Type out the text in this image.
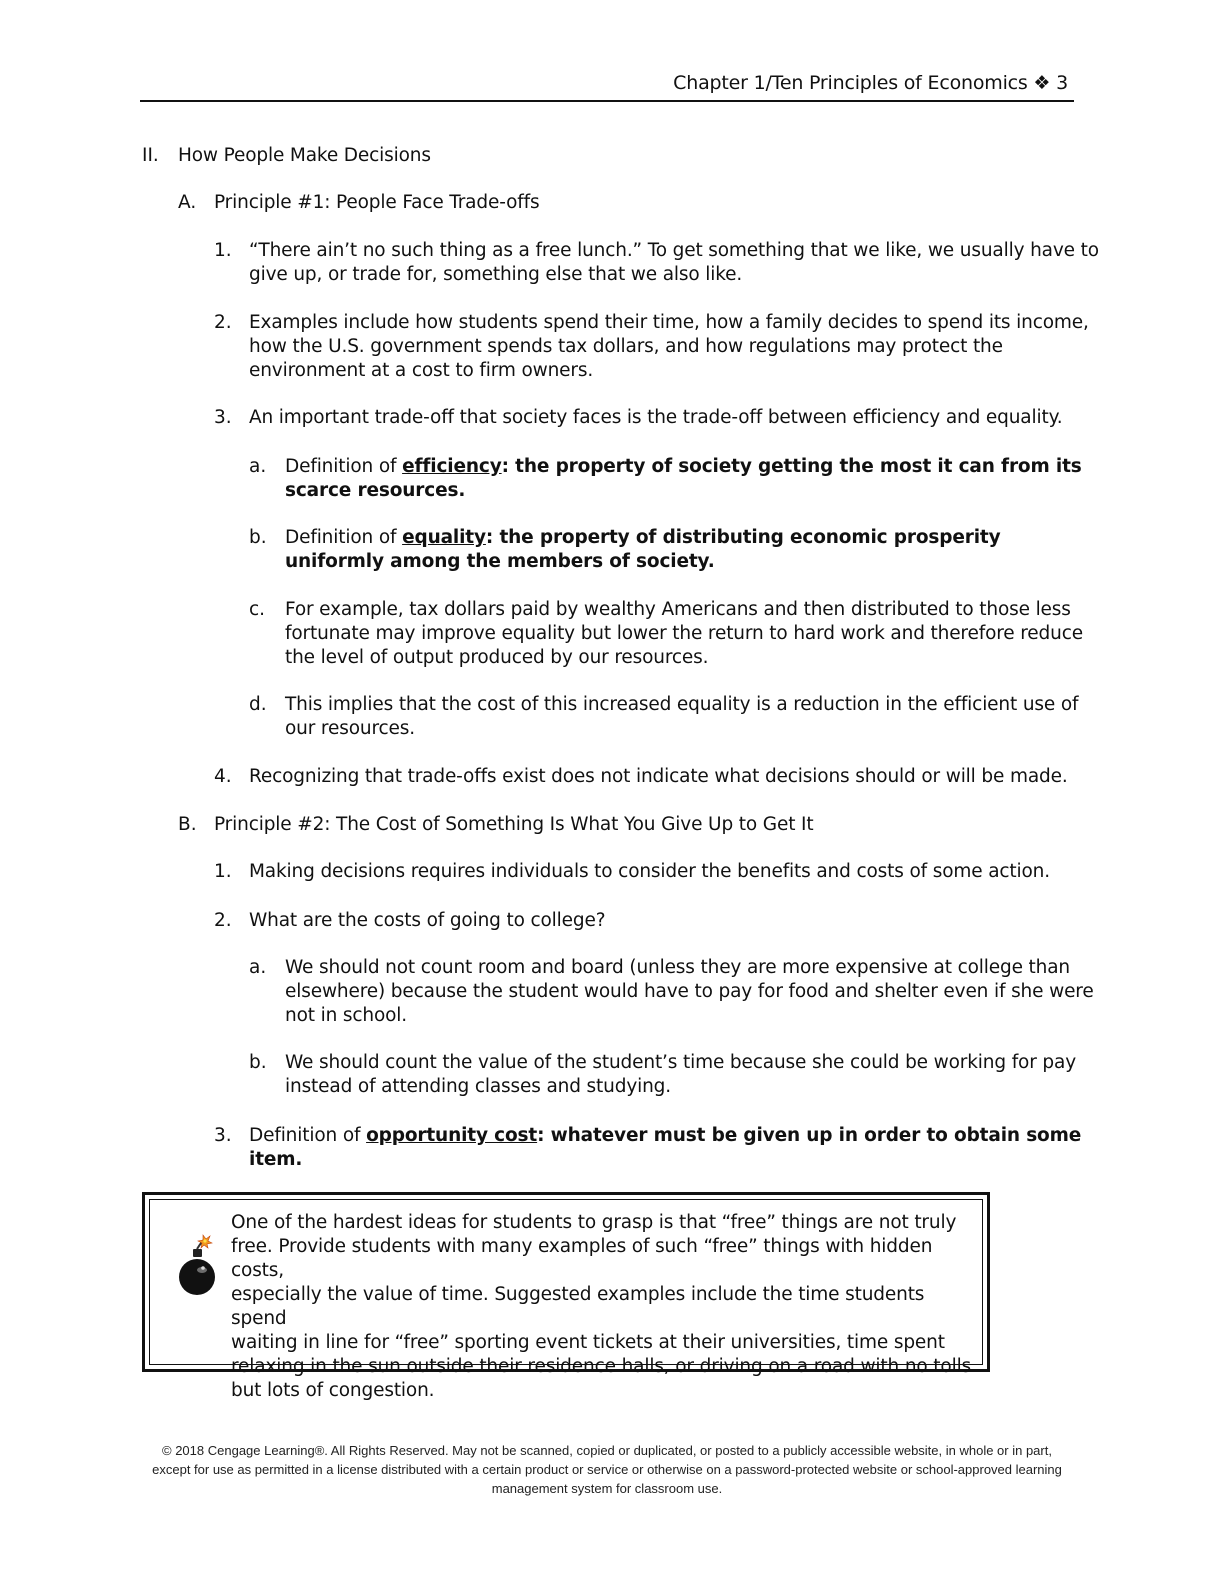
Chapter 1/Ten Principles of Economics ❖ 3
II. How People Make Decisions
A. Principle #1: People Face Trade-offs
1. “There ain’t no such thing as a free lunch.” To get something that we like, we usually have to
give up, or trade for, something else that we also like.
2. Examples include how students spend their time, how a family decides to spend its income,
how the U.S. government spends tax dollars, and how regulations may protect the
environment at a cost to firm owners.
3. An important trade-off that society faces is the trade-off between efficiency and equality.
a. Definition of efficiency: the property of society getting the most it can from its
scarce resources.
b. Definition of equality: the property of distributing economic prosperity
uniformly among the members of society.
c. For example, tax dollars paid by wealthy Americans and then distributed to those less
fortunate may improve equality but lower the return to hard work and therefore reduce
the level of output produced by our resources.
d. This implies that the cost of this increased equality is a reduction in the efficient use of
our resources.
4. Recognizing that trade-offs exist does not indicate what decisions should or will be made.
B. Principle #2: The Cost of Something Is What You Give Up to Get It
1. Making decisions requires individuals to consider the benefits and costs of some action.
2. What are the costs of going to college?
a. We should not count room and board (unless they are more expensive at college than
elsewhere) because the student would have to pay for food and shelter even if she were
not in school.
b. We should count the value of the student’s time because she could be working for pay
instead of attending classes and studying.
3. Definition of opportunity cost: whatever must be given up in order to obtain some
item.
One of the hardest ideas for students to grasp is that “free” things are not truly
free. Provide students with many examples of such “free” things with hidden costs,
especially the value of time. Suggested examples include the time students spend
waiting in line for “free” sporting event tickets at their universities, time spent
relaxing in the sun outside their residence halls, or driving on a road with no tolls
but lots of congestion.
© 2018 Cengage Learning®. All Rights Reserved. May not be scanned, copied or duplicated, or posted to a publicly accessible website, in whole or in part,
except for use as permitted in a license distributed with a certain product or service or otherwise on a password-protected website or school-approved learning
management system for classroom use.
